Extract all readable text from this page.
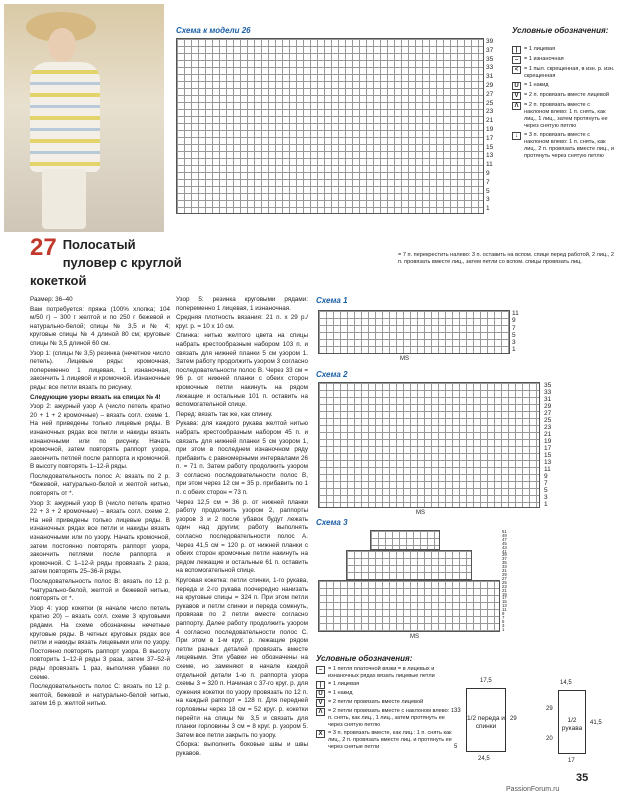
27 Полосатый пуловер с круглой кокеткой

Размер: 36–40

Вам потребуется: пряжа (100% хлопка; 104 м/50 г) – 300 г желтой и по 250 г бежевой и натурально-белой; спицы № 3,5 и № 4; круговые спицы № 4 длиной 80 см; круговые спицы № 3,5 длиной 60 см.

Узор 1: (спицы № 3,5) резинка (нечетное число петель). Лицевые ряды: кромочная, попеременно 1 лицевая, 1 изнаночная, закончить 1 лицевой и кромочной. Изнаночные ряды: все петли вязать по рисунку.

Следующие узоры вязать на спицах № 4!

Узор 2: ажурный узор А (число петель кратно 20 + 1 + 2 кромочные) – вязать согл. схеме 1. На ней приведены только лицевые ряды. В изнаночных рядах все петли и накиды вязать изнаночными или по рисунку. Начать кромочной, затем повторять раппорт узора, закончить петлей после раппорта и кромочной. В высоту повторять 1–12-й ряды.

Последовательность полос А: вязать по 2 р. *бежевой, натурально-белой и желтой нитью, повторять от *.

Узор 3: ажурный узор В (число петель кратно 22 + 3 + 2 кромочные) – вязать согл. схеме 2. На ней приведены только лицевые ряды. В изнаночных рядах все петли и накиды вязать изнаночными или по узору. Начать кромочной, затем постоянно повторять раппорт узора, закончить петлями после раппорта и кромочной. С 1–12-й ряды провязать 2 раза, затем повторять 25–36-й ряды.

Последовательность полос В: вязать по 12 р. *натурально-белой, желтой и бежевой нитью, повторять от *.

Узор 4: узор кокетки (в начале число петель кратно 20) – вязать согл. схеме 3 круговыми рядами. На схеме обозначены нечетные круговые ряды. В четных круговых рядах все петли и накиды вязать лицевыми или по узору. Постоянно повторять раппорт узора. В высоту повторить 1–12-й ряды 3 раза, затем 37–52-й ряды провязать 1 раз, выполняя убавки по схеме.

Последовательность полос С: вязать по 12 р. желтой, бежевой и натурально-белой нитью, затем 16 р. желтой нитью.

Узор 5: резинка круговыми рядами: попеременно 1 лицевая, 1 изнаночная.

Средняя плотность вязания: 21 п. x 29 р./круг. р. = 10 x 10 см.

Спинка: нитью желтого цвета на спицы набрать крестообразным набором 103 п. и связать для нижней планки 5 см узором 1. Затем работу продолжить узором 3 согласно последовательности полос В. Через 33 см = 96 р. от нижней планки с обеих сторон кромочные петли накинуть на рядом лежащие и остальные 101 п. оставить на вспомогательной спице.

Перед: вязать так же, как спинку.

Рукава: для каждого рукава желтой нитью набрать крестообразным набором 45 п. и связать для нижней планки 5 см узором 1, при этом в последнем изнаночном ряду прибавить с равномерными интервалами 26 п. = 71 п. Затем работу продолжить узором 3 согласно последовательности полос В, при этом через 12 см = 35 р. прибавить по 1 п. с обеих сторон = 73 п.

Через 12,5 см = 36 р. от нижней планки работу продолжить узором 2, раппорты узоров 3 и 2 после убавок будут лежать один над другим; работу выполнять согласно последовательности полос А. Через 41,5 см = 120 р. от нижней планки с обеих сторон кромочные петли накинуть на рядом лежащие и остальные 61 п. оставить на вспомогательной спице.

Круговая кокетка: петли спинки, 1-го рукава, переда и 2-го рукава поочередно нанизать на круговые спицы = 324 п. При этом петли рукавов и петли спинки и переда сомкнуть, провязав по 2 петли вместе согласно раппорту. Далее работу продолжить узором 4 согласно последовательности полос С. При этом в 1-м круг. р. лежащие рядом петли разных деталей провязать вместе лицевыми. Эти убавки не обозначены на схеме, но заменяют в начале каждой отдельной детали 1-ю п. раппорта узора схемы 3 = 320 п. Начиная с 37-го круг. р. для сужения кокетки по узору провязать по 12 п. на каждый раппорт = 128 п. Для передней горловины через 18 см = 52 круг. р. кокетки перейти на спицы № 3,5 и связать для планки горловины 3 см = 8 круг. р. узором 5. Затем все петли закрыть по узору.

Сборка: выполнить боковые швы и швы рукавов.

Схема к модели 26
39
37
35
33
31
29
27
25
23
21
19
17
15
13
11
9
7
5
3
1
Условные обозначения:
|	= 1 лицевая
–	= 1 изнаночная
<	= 1 пыл. скрещенная, в изн. р. изн. скрещенная
U = 1 накид
V = 2 п. провязать вместе лицевой
Λ = 2 п. провязать вместе с наклоном влево: 1 п. снять, как лиц., 1 лиц., затем протянуть ее через снятую петлю
↓	= 3 п. провязать вместе с наклоном влево: 1 п. снять, как лиц., 2 п. провязать вместе лиц., и протянуть через снятую петлю
= 7 п. перекрестить налево: 3 п. оставить на вспом. спице перед работой, 2 лиц., 2 п. провязать вместе лиц., затем петли со вспом. спицы провязать лиц.
Схема 1
11
9
7
5
3
1
MS
Схема 2
35
33
31
29
27
25
23
21
19
17
15
13
11
9
7
5
3
1
MS
Схема 3
51
49
47
45
43
41
39
37
35
33
31
29
27
25
23
21
19
17
15
13
11
9
7
5
3
1
MS
Условные обозначения:
–	= 1 петля платочной вязки = в лицевых и изнаночных рядах вязать лицевые петли
|	= 1 лицевая
U = 1 накид
V = 2 петли провязать вместе лицевой
Λ = 2 петли провязать вместе с наклоном влево: 1 п. снять, как лиц., 1 лиц., затем протянуть ее через снятую петлю
X = 3 п. провязать вместе, как лиц.: 1 п. снять как лиц., 2 п. провязать вместе лиц. и протянуть ее через снятые петли
1/2 переда и спинки
33
24,5
5
17,5
29	1/2 рукава
14,5
41,5
17
29
20
35
PassionForum.ru
